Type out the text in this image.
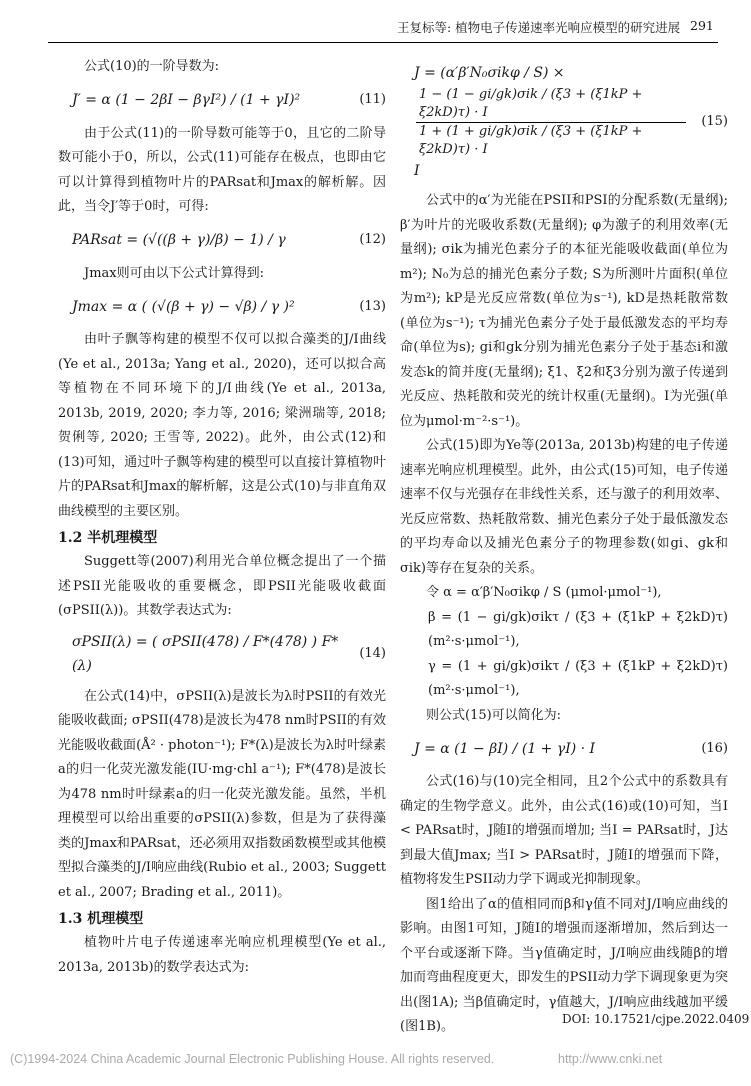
王复标等: 植物电子传递速率光响应模型的研究进展 291

公式(10)的一阶导数为:

J′ = α (1 − 2βI − βγI²) / (1 + γI)²	(11)

由于公式(11)的一阶导数可能等于0，且它的二阶导数可能小于0，所以，公式(11)可能存在极点，也即由它可以计算得到植物叶片的PARsat和Jmax的解析解。因此，当令J′等于0时，可得:

PARsat = (√((β + γ)/β) − 1) / γ	(12)

Jmax则可由以下公式计算得到:

Jmax = α ( (√(β + γ) − √β) / γ )²	(13)

由叶子飘等构建的模型不仅可以拟合藻类的J/I曲线(Ye et al., 2013a; Yang et al., 2020)，还可以拟合高等植物在不同环境下的J/I曲线(Ye et al., 2013a, 2013b, 2019, 2020; 李力等, 2016; 梁洲瑞等, 2018; 贺俐等, 2020; 王雪等, 2022)。此外，由公式(12)和(13)可知，通过叶子飘等构建的模型可以直接计算植物叶片的PARsat和Jmax的解析解，这是公式(10)与非直角双曲线模型的主要区别。

1.2 半机理模型

Suggett等(2007)利用光合单位概念提出了一个描述PSII光能吸收的重要概念，即PSII光能吸收截面(σPSII(λ))。其数学表达式为:

σPSII(λ) = ( σPSII(478) / F*(478) ) F*(λ)
(14)

在公式(14)中，σPSII(λ)是波长为λ时PSII的有效光能吸收截面; σPSII(478)是波长为478 nm时PSII的有效光能吸收截面(Å² · photon⁻¹); F*(λ)是波长为λ时叶绿素a的归一化荧光激发能(IU·mg·chl a⁻¹); F*(478)是波长为478 nm时叶绿素a的归一化荧光激发能。虽然，半机理模型可以给出重要的σPSII(λ)参数，但是为了获得藻类的Jmax和PARsat，还必须用双指数函数模型或其他模型拟合藻类的J/I响应曲线(Rubio et al., 2003; Suggett et al., 2007; Brading et al., 2011)。

1.3 机理模型

植物叶片电子传递速率光响应机理模型(Ye et al., 2013a, 2013b)的数学表达式为:

J = (α′β′N₀σikφ / S) ×
$\frac{\text{1 − (1 − gi/gk)σik / (ξ3 + (ξ1kP + ξ2kD)τ) · I}}{\text{1 + (1 + gi/gk)σik / (ξ3 + (ξ1kP + ξ2kD)τ) · I}}$
I
(15)

公式中的α′为光能在PSII和PSI的分配系数(无量纲); β′为叶片的光吸收系数(无量纲); φ为激子的利用效率(无量纲); σik为捕光色素分子的本征光能吸收截面(单位为m²); N₀为总的捕光色素分子数; S为所测叶片面积(单位为m²); kP是光反应常数(单位为s⁻¹), kD是热耗散常数(单位为s⁻¹); τ为捕光色素分子处于最低激发态的平均寿命(单位为s); gi和gk分别为捕光色素分子处于基态i和激发态k的简并度(无量纲); ξ1、ξ2和ξ3分别为激子传递到光反应、热耗散和荧光的统计权重(无量纲)。I为光强(单位为μmol·m⁻²·s⁻¹)。

公式(15)即为Ye等(2013a, 2013b)构建的电子传递速率光响应机理模型。此外，由公式(15)可知，电子传递速率不仅与光强存在非线性关系，还与激子的利用效率、光反应常数、热耗散常数、捕光色素分子处于最低激发态的平均寿命以及捕光色素分子的物理参数(如gi、gk和σik)等存在复杂的关系。

令 α = α′β′N₀σikφ / S (μmol·μmol⁻¹),

β = (1 − gi/gk)σikτ / (ξ3 + (ξ1kP + ξ2kD)τ) (m²·s·μmol⁻¹),

γ = (1 + gi/gk)σikτ / (ξ3 + (ξ1kP + ξ2kD)τ) (m²·s·μmol⁻¹),

则公式(15)可以简化为:

J = α (1 − βI) / (1 + γI) · I	(16)

公式(16)与(10)完全相同，且2个公式中的系数具有确定的生物学意义。此外，由公式(16)或(10)可知，当I < PARsat时，J随I的增强而增加; 当I = PARsat时，J达到最大值Jmax; 当I > PARsat时，J随I的增强而下降，植物将发生PSII动力学下调或光抑制现象。

图1给出了α的值相同而β和γ值不同对J/I响应曲线的影响。由图1可知，J随I的增强而逐渐增加，然后到达一个平台或逐渐下降。当γ值确定时，J/I响应曲线随β的增加而弯曲程度更大，即发生的PSII动力学下调现象更为突出(图1A); 当β值确定时，γ值越大，J/I响应曲线越加平缓(图1B)。	DOI: 10.17521/cjpe.2022.0409
(C)1994-2024 China Academic Journal Electronic Publishing House. All rights reserved.	http://www.cnki.net
